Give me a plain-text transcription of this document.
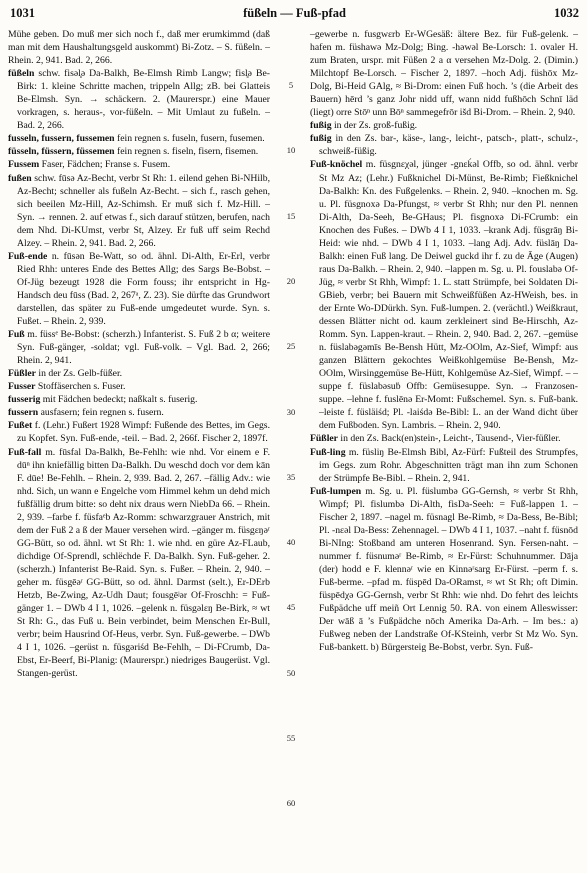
1031	füßeln — Fuß-pfad	1032

Mühe geben. Do muß mer sich noch f., daß mer erumkimmd (daß man mit dem Haushaltungsgeld auskommt) Bi-Zotz. – S. füßeln. – Rhein. 2, 941. Bad. 2, 266.

füßeln schw. fisəl̥ə Da-Balkh, Be-Elmsh Rimb Langw; fisl̥ə Be-Birk: 1. kleine Schritte machen, trippeln Allg; zB. bei Glatteis Be-Elmsh. Syn. → schäckern. 2. (Maurerspr.) eine Mauer vorkragen, s. heraus-, vor-füßeln. – Mit Umlaut zu fußeln. – Bad. 2, 266.

fusseln, fussern, fussemen fein regnen s. fuseln, fusern, fusemen.

füsseln, füssern, füssemen fein regnen s. fiseln, fisern, fisemen.

Fussem Faser, Fädchen; Franse s. Fusem.

fußen schw. fūsə Az-Becht, verbr St Rh: 1. eilend gehen Bi-NHilb, Az-Becht; schneller als fußeln Az-Becht. – sich f., rasch gehen, sich beeilen Mz-Hill, Az-Schimsh. Er muß sich f. Mz-Hill. – Syn. → rennen. 2. auf etwas f., sich darauf stützen, berufen, nach dem Nhd. Di-KUmst, verbr St, Alzey. Er fuß uff seim Rechd Alzey. – Rhein. 2, 941. Bad. 2, 266.

Fuß-ende n. fūsən Be-Watt, so od. ähnl. Di-Alth, Er-Erl, verbr Ried Rhh: unteres Ende des Bettes Allg; des Sargs Be-Bobst. – Of-Jüg bezeugt 1928 die Form fouss; ihr entspricht in Hg-Handsch deu fūss (Bad. 2, 267ᵃ, Z. 23). Sie dürfte das Grundwort darstellen, das später zu Fuß-ende umgedeutet wurde. Syn. s. Fußet. – Rhein. 2, 939.

Fuß m. füssᵉ Be-Bobst: (scherzh.) Infanterist. S. Fuß 2 b α; weitere Syn. Fuß-gänger, -soldat; vgl. Fuß-volk. – Vgl. Bad. 2, 266; Rhein. 2, 941.

Füßler in der Zs. Gelb-füßer.

Fusser Stoffäserchen s. Fuser.

fusserig mit Fädchen bedeckt; naßkalt s. fuserig.

fussern ausfasern; fein regnen s. fusern.

Fußet f. (Lehr.) Fußert 1928 Wimpf: Fußende des Bettes, im Gegs. zu Kopfet. Syn. Fuß-ende, -teil. – Bad. 2, 266f. Fischer 2, 1897f.

Fuß-fall m. fūsfal Da-Balkh, Be-Fehlh: wie nhd. Vor einem e F. dūⁿ ihn kniefällig bitten Da-Balkh. Du weschd doch vor dem kān F. dūe! Be-Fehlh. – Rhein. 2, 939. Bad. 2, 267. –fällig Adv.: wie nhd. Sich, un wann e Engelche vom Himmel kehm un dehd mich fußfällig drum bitte: so deht nix draus wern NiebDa 66. – Rhein. 2, 939. –farbe f. füsfaᵉb Az-Romm: schwarzgrauer Anstrich, mit dem der Fuß 2 a ß der Mauer versehen wird. –gänger m. füsgεŋəʳ GG-Bütt, so od. ähnl. wt St Rh: 1. wie nhd. en güre Az-FLaub, dichdige Of-Sprendl, schlëchde F. Da-Balkh. Syn. Fuß-geher. 2. (scherzh.) Infanterist Be-Raid. Syn. s. Fußer. – Rhein. 2, 940. –geher m. füsgēəʳ GG-Bütt, so od. ähnl. Darmst (selt.), Er-DErb Hetzb, Be-Zwing, Az-Udh Daut; fousgēʲər Of-Froschh: = Fuß-gänger 1. – DWb 4 I 1, 1026. –gelenk n. füsgəlεŋ Be-Birk, ≈ wt St Rh: G., das Fuß u. Bein verbindet, beim Menschen Er-Bull, verbr; beim Hausrind Of-Heus, verbr. Syn. Fuß-gewerbe. – DWb 4 I 1, 1026. –gerüst n. füsgəriśd Be-Fehlh, – Di-FCrumb, Da-Ebst, Er-Beerf, Bi-Planig: (Maurerspr.) niedriges Baugerüst. Vgl. Stangen-gerüst.

5
10
15
20
25
30
35
40
45
50
55
60

–gewerbe n. fusgwεrb Er-WGesäß: ältere Bez. für Fuß-gelenk. –hafen m. füshawə Mz-Dolg; Bing. -həwəl Be-Lorsch: 1. ovaler H. zum Braten, urspr. mit Füßen 2 a α versehen Mz-Dolg. 2. (Dimin.) Milchtopf Be-Lorsch. – Fischer 2, 1897. –hoch Adj. füshōx Mz-Dolg, Bi-Heid GAlg, ≈ Bi-Drom: einen Fuß hoch. ’s (die Arbeit des Bauern) hērd ’s ganz Johr nidd uff, wann nidd fußhōch Schnī läd (liegt) orre Stōⁿ unn Bōⁿ sammegefrōr išd Bi-Drom. – Rhein. 2, 940.

fußig in der Zs. groß-fußig.

fußig in den Zs. bar-, käse-, lang-, leicht-, patsch-, platt-, schulz-, schweiß-füßig.

Fuß-knöchel m. füsgnεχəl, jünger -gnεḱəl Offb, so od. ähnl. verbr St Mz Az; (Lehr.) Fußknichel Di-Münst, Be-Rimb; Fießknichel Da-Balkh: Kn. des Fußgelenks. – Rhein. 2, 940. –knochen m. Sg. u. Pl. füsgnoxə Da-Pfungst, ≈ verbr St Rhh; nur den Pl. nennen Di-Alth, Da-Seeh, Be-GHaus; Pl. fisgnoxə Di-FCrumb: ein Knochen des Fußes. – DWb 4 I 1, 1033. –krank Adj. füsgrāŋ Bi-Heid: wie nhd. – DWb 4 I 1, 1033. –lang Adj. Adv. füslāŋ Da-Balkh: einen Fuß lang. De Deiwel guckd ihr f. zu de Āge (Augen) raus Da-Balkh. – Rhein. 2, 940. –lappen m. Sg. u. Pl. fouslabə Of-Jüg, ≈ verbr St Rhh, Wimpf: 1. L. statt Strümpfe, bei Soldaten Di-GBieb, verbr; bei Bauern mit Schweißfüßen Az-HWeish, bes. in der Ernte Wo-DDürkh. Syn. Fuß-lumpen. 2. (verächtl.) Weißkraut, dessen Blätter nicht od. kaum zerkleinert sind Be-Hirschh, Az-Romm. Syn. Lappen-kraut. – Rhein. 2, 940. Bad. 2, 267. –gemüse n. füslabəgəmīs Be-Bensh Hütt, Mz-OOlm, Az-Sief, Wimpf: aus ganzen Blättern gekochtes Weißkohlgemüse Be-Bensh, Mz-OOlm, Wirsinggemüse Be-Hütt, Kohlgemüse Az-Sief, Wimpf. – –suppe f. füslabəsuḃ Offb: Gemüsesuppe. Syn. → Franzosen-suppe. –lehne f. fuslēnə Er-Momt: Fußschemel. Syn. s. Fuß-bank. –leiste f. füsläiśd; Pl. -laiśdə Be-Bibl: L. an der Wand dicht über dem Fußboden. Syn. Lambris. – Rhein. 2, 940.

Füßler in den Zs. Back(en)stein-, Leicht-, Tausend-, Vier-füßler.

Fuß-ling m. füsliŋ Be-Elmsh Bibl, Az-Fürf: Fußteil des Strumpfes, im Gegs. zum Rohr. Abgeschnitten trägt man ihn zum Schonen der Strümpfe Be-Bibl. – Rhein. 2, 941.

Fuß-lumpen m. Sg. u. Pl. füslumbə GG-Gernsh, ≈ verbr St Rhh, Wimpf; Pl. fislumbə Di-Alth, fisDa-Seeh: = Fuß-lappen 1. – Fischer 2, 1897. –nagel m. füsnagl Be-Rimb, ≈ Da-Bess, Be-Bibl; Pl. -nεəl Da-Bess: Zehennagel. – DWb 4 I 1, 1037. –naht f. füsnōd Bi-NIng: Stoßband am unteren Hosenrand. Syn. Fersen-naht. –nummer f. füsnuməʳ Be-Rimb, ≈ Er-Fürst: Schuhnummer. Dāja (der) hodd e F. klennəʳ wie en Kinnəʳsarg Er-Fürst. –perm f. s. Fuß-berme. –pfad m. füspēd Da-ORamst, ≈ wt St Rh; oft Dimin. füspēdχə GG-Gernsh, verbr St Rhh: wie nhd. Do fehrt des leichts Fußpädche uff meiñ Ort Lennig 50. RA. von einem Alleswisser: Der wāß ā ’s Fußpädche nōch Amerika Da-Arh. – Im bes.: a) Fußweg neben der Landstraße Of-KSteinh, verbr St Mz Wo. Syn. Fuß-bankett. b) Bürgersteig Be-Bobst, verbr. Syn. Fuß-
